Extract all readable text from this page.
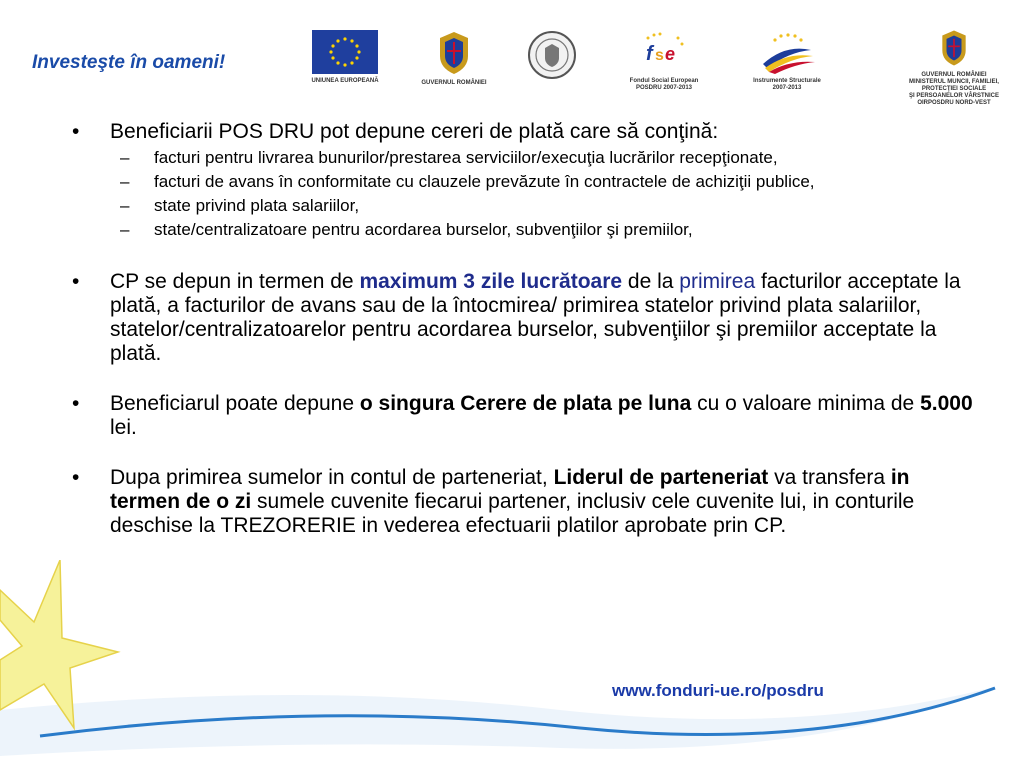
Investeşte în oameni!
UNIUNEA EUROPEANĂ	GUVERNUL ROMÂNIEI
f s e
Fondul Social European
POSDRU 2007-2013
Instrumente Structurale
2007-2013
GUVERNUL ROMÂNIEI
MINISTERUL MUNCII, FAMILIEI,
PROTECŢIEI SOCIALE
ŞI PERSOANELOR VÂRSTNICE
OIRPOSDRU NORD-VEST
• Beneficiarii POS DRU pot depune cereri de plată care să conţină:
– facturi pentru livrarea bunurilor/prestarea serviciilor/execuţia lucrărilor recepţionate,
– facturi de avans în conformitate cu clauzele prevăzute în contractele de achiziţii publice,
– state privind plata salariilor,
– state/centralizatoare pentru acordarea burselor, subvenţiilor şi premiilor,
• CP se depun in termen de maximum 3 zile lucrătoare de la primirea facturilor acceptate la plată, a facturilor de avans sau de la întocmirea/ primirea statelor privind plata salariilor, statelor/centralizatoarelor pentru acordarea burselor, subvenţiilor şi premiilor acceptate la plată.
• Beneficiarul poate depune o singura Cerere de plata pe luna cu o valoare minima de 5.000 lei.
• Dupa primirea sumelor in contul de parteneriat, Liderul de parteneriat va transfera in termen de o zi sumele cuvenite fiecarui partener, inclusiv cele cuvenite lui, in conturile deschise la TREZORERIE in vederea efectuarii platilor aprobate prin CP.
www.fonduri-ue.ro/posdru
